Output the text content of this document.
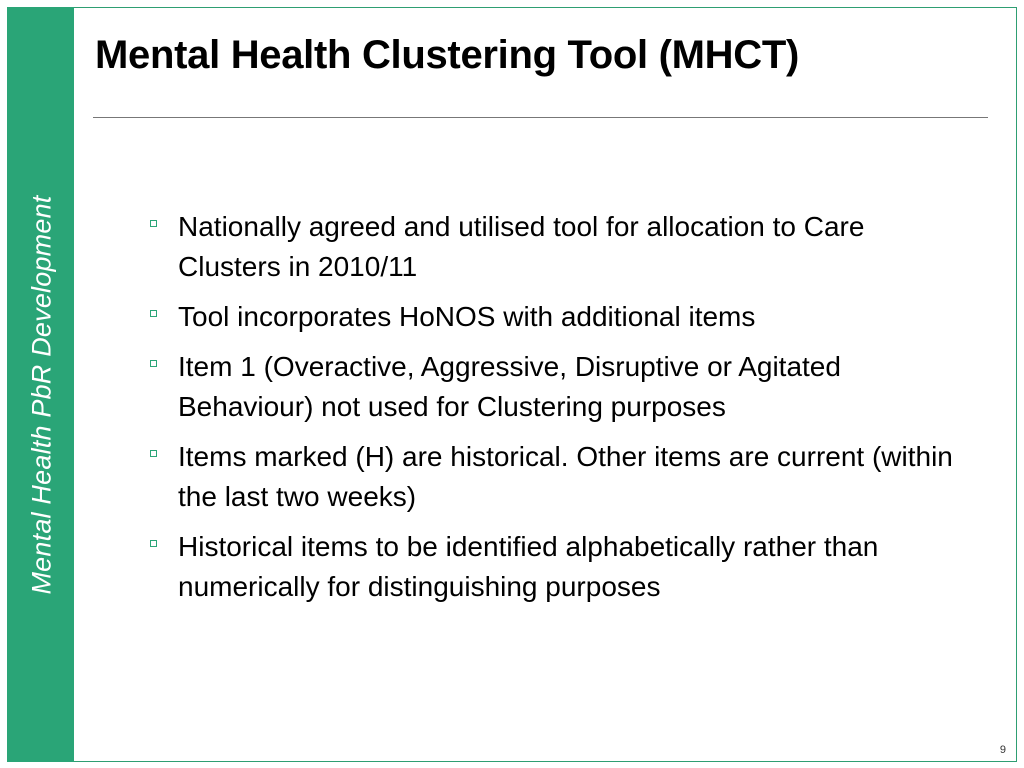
Mental Health PbR Development
Mental Health Clustering Tool (MHCT)
Nationally agreed and utilised tool for allocation to Care Clusters in 2010/11
Tool incorporates HoNOS with additional items
Item 1 (Overactive, Aggressive, Disruptive or Agitated Behaviour) not used for Clustering purposes
Items marked (H) are historical. Other items are current (within the last two weeks)
Historical items to be identified alphabetically rather than numerically for distinguishing purposes
9
